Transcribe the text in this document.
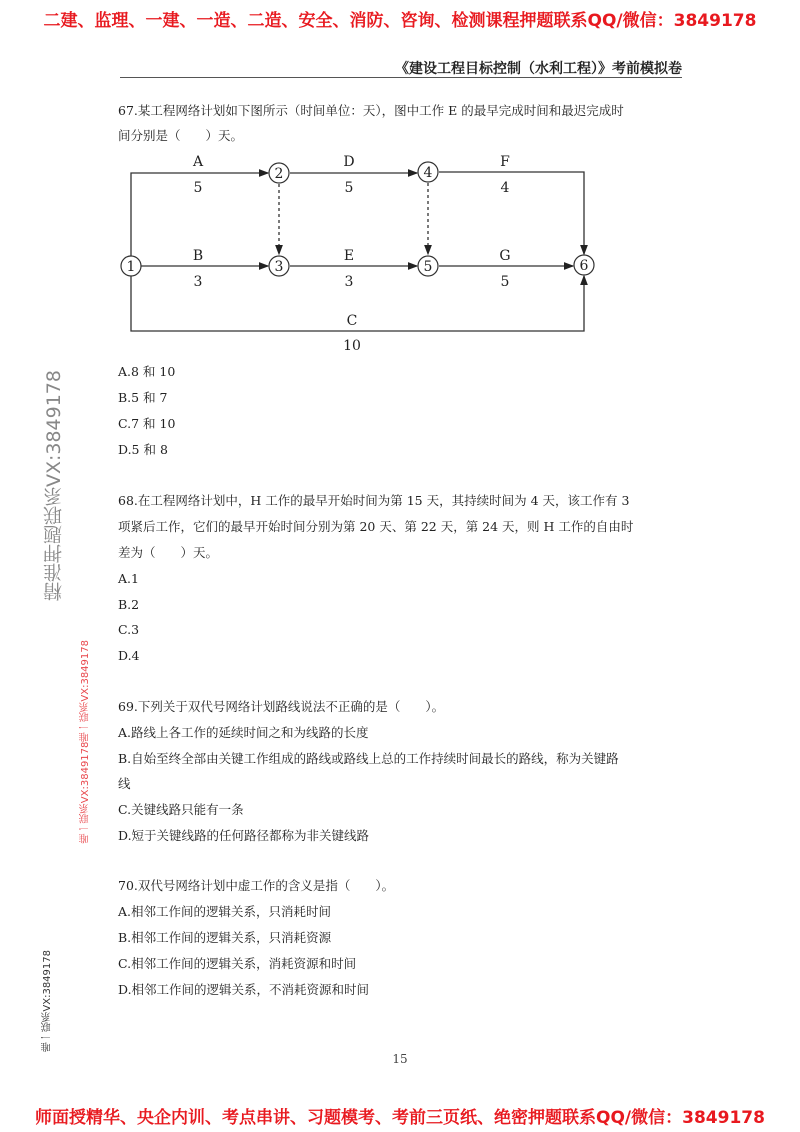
二建、监理、一建、一造、二造、安全、消防、咨询、检测课程押题联系QQ/微信：3849178
《建设工程目标控制（水利工程）》考前模拟卷
67.某工程网络计划如下图所示（时间单位：天），图中工作 E 的最早完成时间和最迟完成时
间分别是（　　）天。
1
2
3
4
5	6
A
5
D
5
F
4
B
3
E
3
G
5
C
10
A.8 和 10
B.5 和 7
C.7 和 10
D.5 和 8
68.在工程网络计划中，H 工作的最早开始时间为第 15 天，其持续时间为 4 天，该工作有 3
项紧后工作，它们的最早开始时间分别为第 20 天、第 22 天，第 24 天，则 H 工作的自由时
差为（　　）天。
A.1
B.2
C.3
D.4
69.下列关于双代号网络计划路线说法不正确的是（　　）。
A.路线上各工作的延续时间之和为线路的长度
B.自始至终全部由关键工作组成的路线或路线上总的工作持续时间最长的路线，称为关键路
线
C.关键线路只能有一条
D.短于关键线路的任何路径都称为非关键线路
70.双代号网络计划中虚工作的含义是指（　　）。
A.相邻工作间的逻辑关系，只消耗时间
B.相邻工作间的逻辑关系，只消耗资源
C.相邻工作间的逻辑关系，消耗资源和时间
D.相邻工作间的逻辑关系，不消耗资源和时间
精准押题联系VX:3849178
唯一联系VX:3849178唯一联系VX:3849178
唯一联系VX:3849178
15
师面授精华、央企内训、考点串讲、习题模考、考前三页纸、绝密押题联系QQ/微信：3849178
